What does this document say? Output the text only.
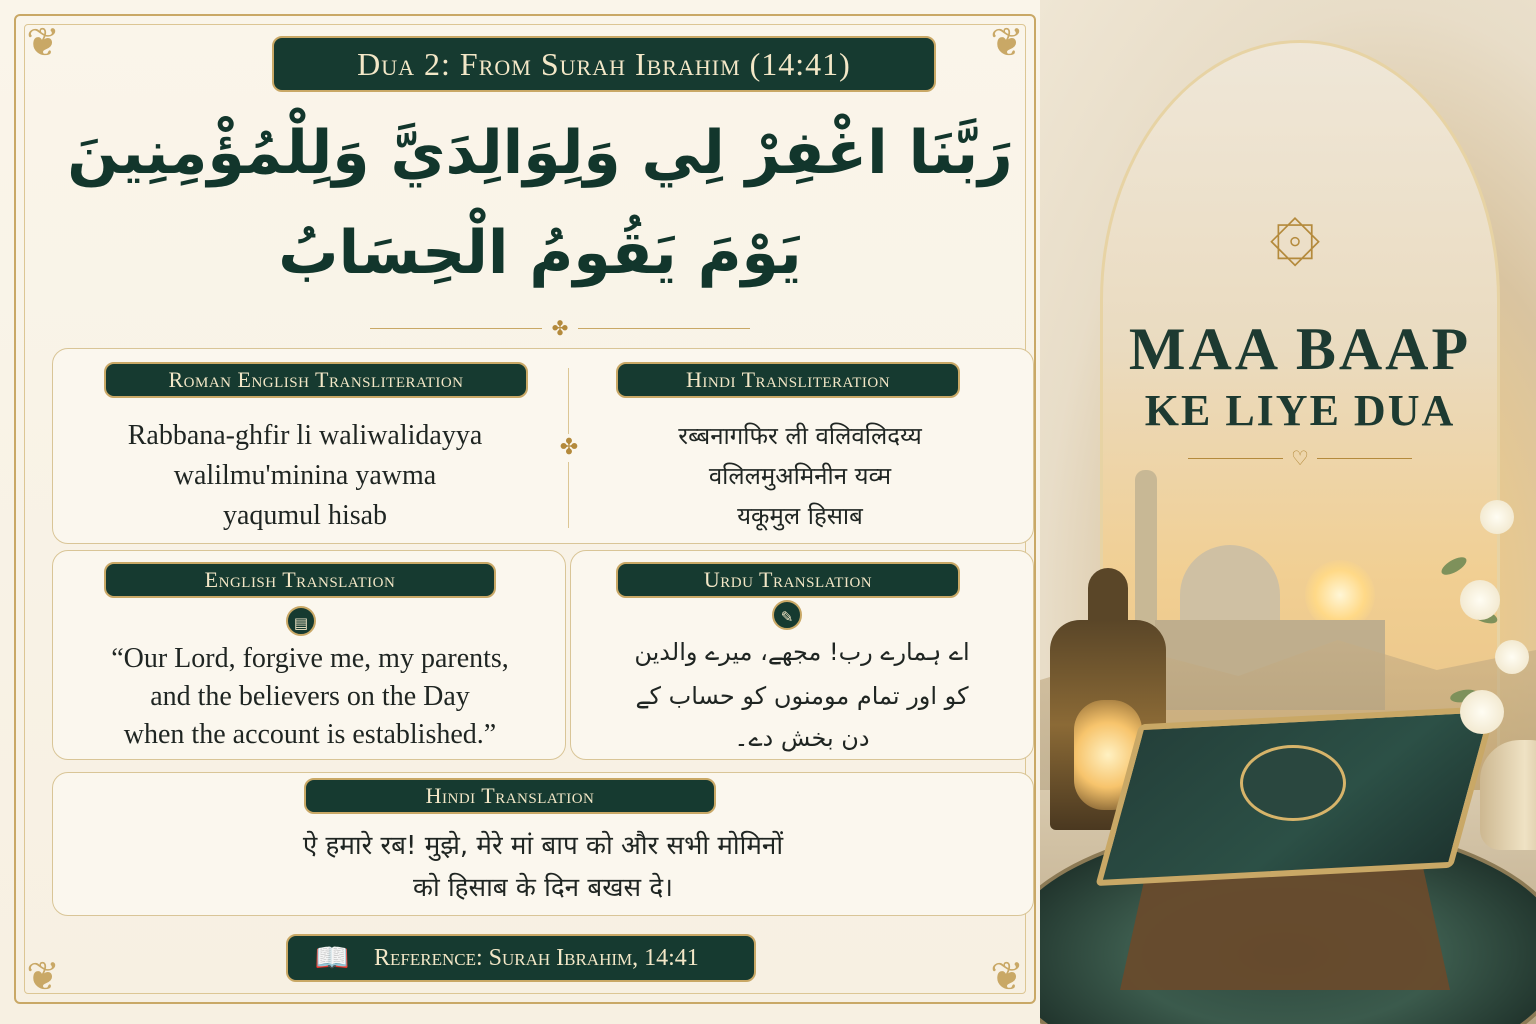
❦	❦
❦	❦
۞
MAA BAAP
KE LIYE DUA
♡
Dua 2: From Surah Ibrahim (14:41)

رَبَّنَا اغْفِرْ لِي وَلِوَالِدَيَّ وَلِلْمُؤْمِنِينَ

يَوْمَ يَقُومُ الْحِسَابُ

✤
✤
Roman English Transliteration

Rabbana-ghfir li waliwalidayya

walilmu'minina yawma

yaqumul hisab

Hindi Transliteration

रब्बनागफिर ली वलिवलिदय्य

वलिलमुअमिनीन यव्म

यकूमुल हिसाब

English Translation
▤

“Our Lord, forgive me, my parents,

and the believers on the Day

when the account is established.”

Urdu Translation
✎

اے ہمارے رب! مجھے، میرے والدین

کو اور تمام مومنوں کو حساب کے

دن بخش دے۔

Hindi Translation

ऐ हमारे रब! मुझे, मेरे मां बाप को और सभी मोमिनों

को हिसाब के दिन बखस दे।

Reference: Surah Ibrahim, 14:41
📖
